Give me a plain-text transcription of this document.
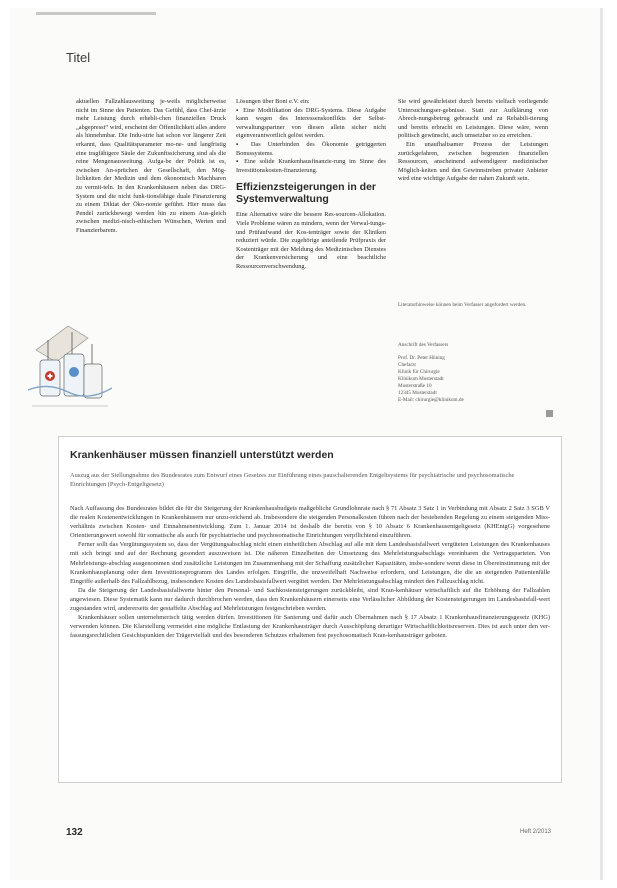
Titel

aktuellen Fallzahlausweitung je-weils möglicherweise nicht im Sinne des Patienten. Das Gefühl, dass Chef-ärzte mehr Leistung durch erhebli-chen finanziellen Druck „abgepresst“ wird, erscheint der Öffentlichkeit alles andere als hinnehmbar. Die Indu-strie hat schon vor längerer Zeit erkannt, dass Qualitätsparameter mo-ne- und langfristig eine tragfähigere Säule der Zukunftssicherung sind als die reine Mengenausweitung. Aufga-be der Politik ist es, zwischen An-sprüchen der Gesellschaft, den Mög-lichkeiten der Medizin und dem ökonomisch Machbaren zu vermit-teln. In den Krankenhäusern neben das DRG-System und die nicht funk-tionsfähige duale Finanzierung zu einem Diktat der Öko-nomie geführt. Hier muss das Pendel zurückbewegt werden hin zu einem Aus-gleich zwischen medizi-nisch-ethischen Wünschen, Werten und Finanzierbarem.

Lösungen über Boni e.V. ein:

▪ Eine Modifikation des DRG-Systems. Diese Aufgabe kann wegen des Interessenskonflikts der Selbst-verwaltungspartner von diesen allein sicher nicht eigenverantwortlich gelöst werden.

▪ Das Unterbinden des Ökonomie getriggerten Bonussystems.

▪ Eine solide Krankenhausfinanzie-rung im Sinne des Investitionskosten-finanzierung.

Effizienzsteigerungen in der Systemverwaltung

Eine Alternative wäre die bessere Res-sourcen-Allokation. Viele Probleme wären zu mindern, wenn der Verwal-tungs- und Prüfaufwand der Kos-tenträger sowie der Kliniken reduziert würde. Die zugehörige anteilende Prüfpraxis der Kostenträger mit der Meldung des Medizinischen Dienstes der Krankenversicherung und eine beachtliche Ressourcenverschwendung.

Sie wird gewährleistet durch bereits vielfach vorliegende Untersuchungser-gebnisse. Statt zur Aufklärung von Abrech-nungsbetrug gebraucht und zu Rehabili-tierung und bereits erbracht en Leistungen. Diese wäre, wenn politisch gewünscht, auch umsetzbar so zu erreichen.

Ein unaufhaltsamer Prozess der Leistungen zurückgefahren, zwischen begrenzten finanziellen Ressourcen, anscheinend aufwendigerer medizinischer Möglich-keiten und den Gewinnstreben privater Anbieter wird eine wichtige Aufgabe der nahen Zukunft sein.

Literaturhinweise können beim Verfasser angefordert werden.
Anschrift des Verfassers
Prof. Dr. Peter Hüning
Chefarzt
Klinik für Chirurgie
Klinikum Musterstadt
Musterstraße 10
12345 Musterstadt
E-Mail: chirurgie@klinikum.de
Krankenhäuser müssen finanziell unterstützt werden
Auszug aus der Stellungnahme des Bundesrates zum Entwurf eines Gesetzes zur Einführung eines pauschalierenden Entgeltsystems für psychiatrische und psychosomatische Einrichtungen (Psych-Entgeltgesetz)

Nach Auffassung des Bundesrates bildet die für die Steigerung der Krankenhausbudgets maßgebliche Grundlohnrate nach § 71 Absatz 3 Satz 1 in Verbindung mit Absatz 2 Satz 3 SGB V die realen Kostenentwicklungen in Krankenhäusern nur unzu-reichend ab. Insbesondere die steigenden Personalkosten führen nach der bestehenden Regelung zu einem steigenden Miss-verhältnis zwischen Kosten- und Einnahmenentwicklung. Zum 1. Januar 2014 ist deshalb die bereits von § 10 Absatz 6 Krankenhausentgeltgesetz (KHEntgG) vorgesehene Orientierungswert sowohl für somatische als auch für psychiatrische und psychosomatische Einrichtungen verpflichtend einzuführen.

Ferner sollt das Vergütungssystem so, dass der Vergütungsabschlag nicht einen einheitlichen Abschlag auf alle mit dem Landesbasisfallwert vergüteten Leistungen des Krankenhauses mit sich bringt und auf der Rechnung gesondert auszuweisen ist. Die näheren Einzelheiten der Umsetzung des Mehrleistungsabschlags vereinbaren die Vertragsparteien. Von Mehrleistungs-abschlag ausgenommen sind zusätzliche Leistungen im Zusammenhang mit der Schaffung zusätzlicher Kapazitäten, insbe-sondere wenn diese in Übereinstimmung mit der Krankenhausplanung oder dem Investitionsprogramm des Landes erfolgen. Eingriffe, die unzweifelhaft Nachweise erfordern, und Leistungen, die die an steigenden Patientenfälle Eingriffe außerhalb des Fallzahlbezug, insbesondere Kosten des Landesbasisfallwert vergütet werden. Der Mehrleistungsabschlag mindert den Fallzuschlag nicht.

Da die Steigerung der Landesbasisfallwerte hinter den Personal- und Sachkostensteigerungen zurückbleibt, sind Kran-kenhäuser wirtschaftlich auf die Erhöhung der Fallzahlen angewiesen. Diese Systematik kann nur dadurch durchbrochen werden, dass den Krankenhäusern einerseits eine Verlässlicher Abbildung der Kostensteigerungen im Landesbasisfall-wert zugestanden wird, andererseits der gestaffelte Abschlag auf Mehrleistungen festgeschrieben werden.

Krankenhäuser sollen unternehmerisch tätig werden dürfen. Investitionen für Sanierung und dafür auch Übernahmen nach § 17 Absatz 1 Krankenhausfinanzierungsgesetz (KHG) verwenden können. Die Klarstellung vermeidet eine mögliche Entlastung der Krankenhausträger durch Ausschöpfung derartiger Wirtschaftlichkeitsreserven. Dies ist auch unter den ver-fassungsrechtlichen Gesichtspunkten der Trägervielfalt und des besonderen Schutzes erhaltenen fest psychosomatisch Kran-kenhausträger geboten.

132	Heft 2/2013
